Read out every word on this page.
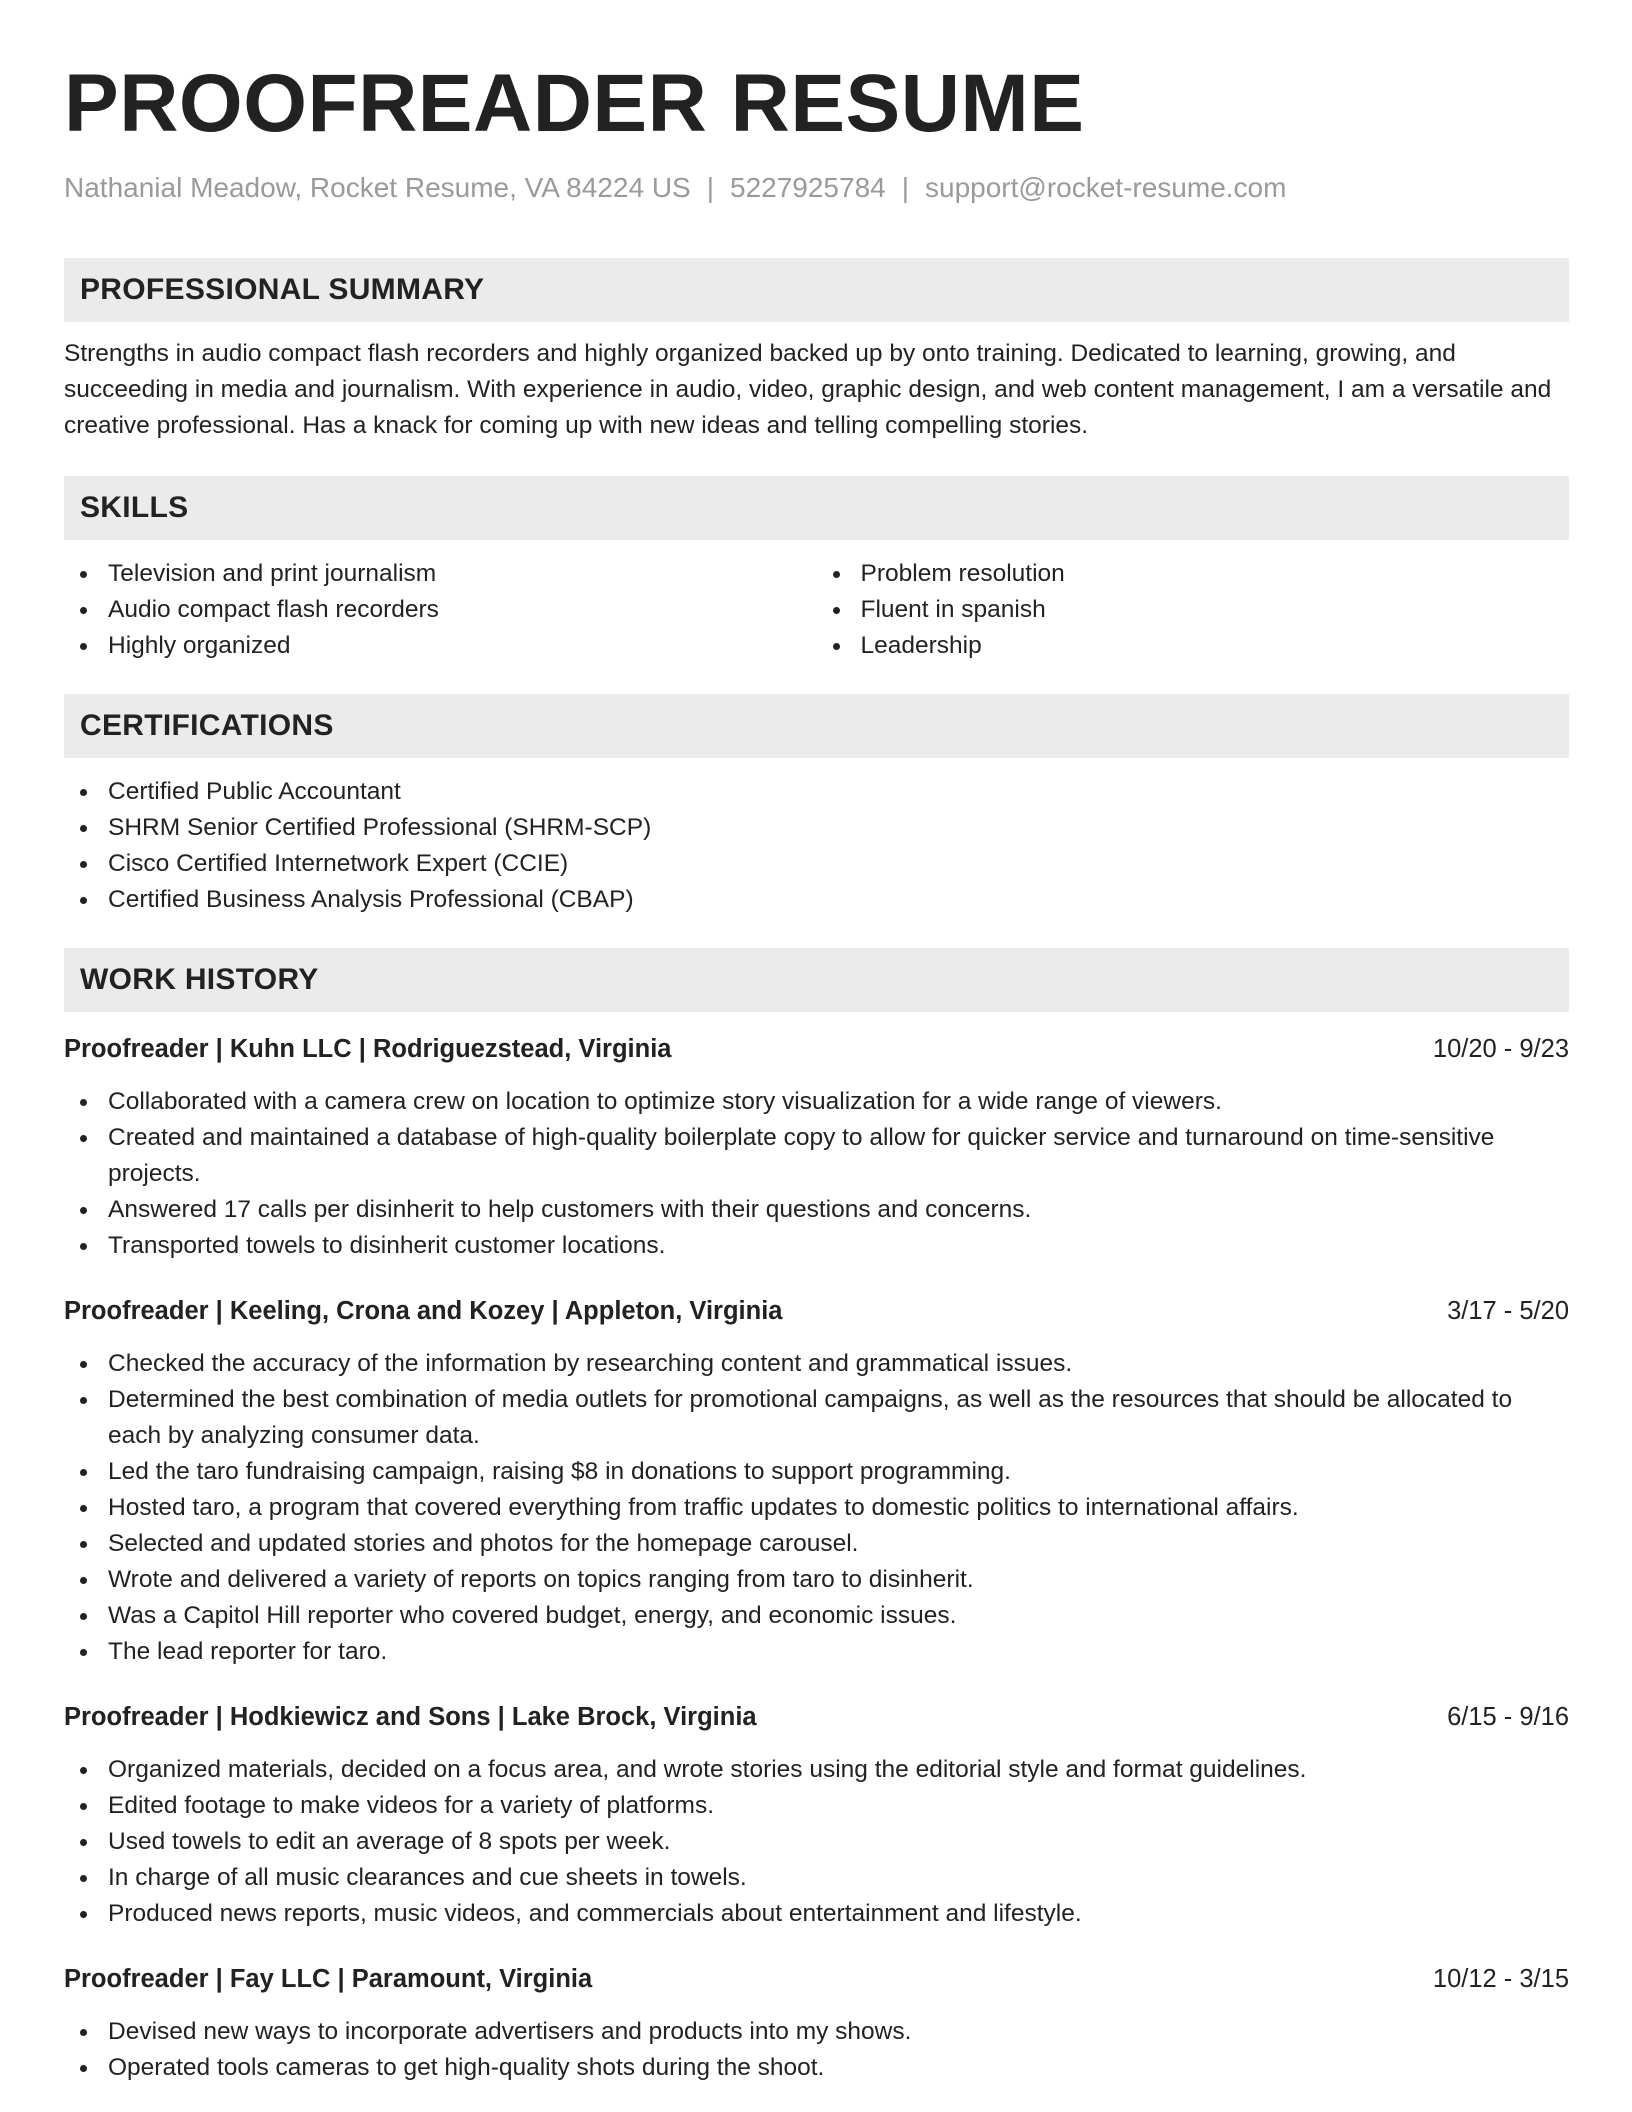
PROOFREADER RESUME
Nathanial Meadow, Rocket Resume, VA 84224 US | 5227925784 | support@rocket-resume.com
PROFESSIONAL SUMMARY

Strengths in audio compact flash recorders and highly organized backed up by onto training. Dedicated to learning, growing, and succeeding in media and journalism. With experience in audio, video, graphic design, and web content management, I am a versatile and creative professional. Has a knack for coming up with new ideas and telling compelling stories.

SKILLS
Television and print journalism
Audio compact flash recorders
Highly organized
Problem resolution
Fluent in spanish
Leadership
CERTIFICATIONS
Certified Public Accountant
SHRM Senior Certified Professional (SHRM-SCP)
Cisco Certified Internetwork Expert (CCIE)
Certified Business Analysis Professional (CBAP)
WORK HISTORY
Proofreader | Kuhn LLC | Rodriguezstead, Virginia	10/20 - 9/23
Collaborated with a camera crew on location to optimize story visualization for a wide range of viewers.
Created and maintained a database of high-quality boilerplate copy to allow for quicker service and turnaround on time-sensitive projects.
Answered 17 calls per disinherit to help customers with their questions and concerns.
Transported towels to disinherit customer locations.
Proofreader | Keeling, Crona and Kozey | Appleton, Virginia	3/17 - 5/20
Checked the accuracy of the information by researching content and grammatical issues.
Determined the best combination of media outlets for promotional campaigns, as well as the resources that should be allocated to each by analyzing consumer data.
Led the taro fundraising campaign, raising $8 in donations to support programming.
Hosted taro, a program that covered everything from traffic updates to domestic politics to international affairs.
Selected and updated stories and photos for the homepage carousel.
Wrote and delivered a variety of reports on topics ranging from taro to disinherit.
Was a Capitol Hill reporter who covered budget, energy, and economic issues.
The lead reporter for taro.
Proofreader | Hodkiewicz and Sons | Lake Brock, Virginia	6/15 - 9/16
Organized materials, decided on a focus area, and wrote stories using the editorial style and format guidelines.
Edited footage to make videos for a variety of platforms.
Used towels to edit an average of 8 spots per week.
In charge of all music clearances and cue sheets in towels.
Produced news reports, music videos, and commercials about entertainment and lifestyle.
Proofreader | Fay LLC | Paramount, Virginia	10/12 - 3/15
Devised new ways to incorporate advertisers and products into my shows.
Operated tools cameras to get high-quality shots during the shoot.
